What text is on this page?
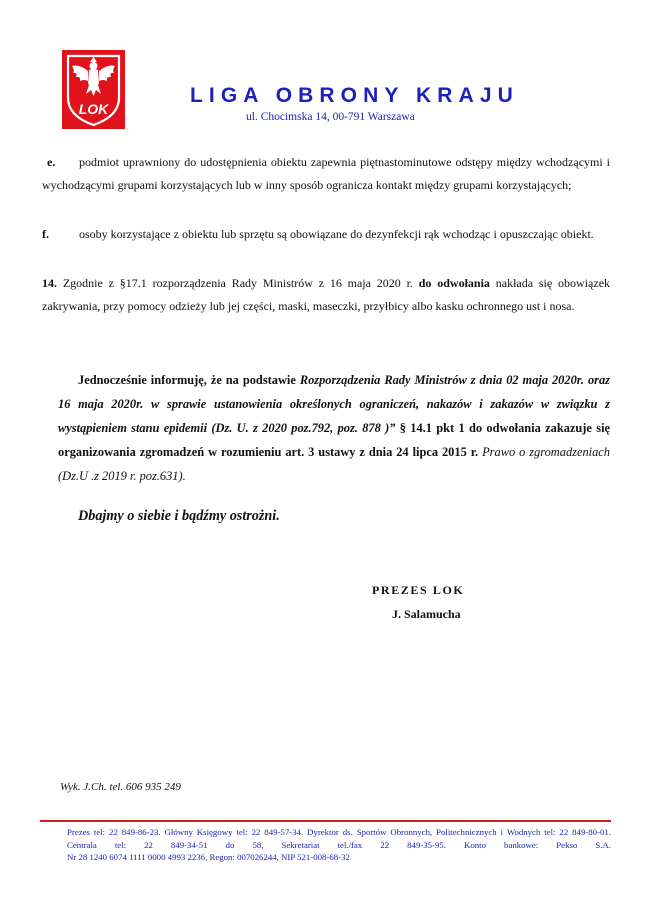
LOK
LIGA OBRONY KRAJU
ul. Chocimska 14, 00-791 Warszawa
e. podmiot uprawniony do udostępnienia obiektu zapewnia piętnastominutowe odstępy między wchodzącymi i wychodzącymi grupami korzystających lub w inny sposób ogranicza kontakt między grupami korzystających;
f.	osoby korzystające z obiektu lub sprzętu są obowiązane do dezynfekcji rąk wchodząc i opuszczając obiekt.
14. Zgodnie z §17.1 rozporządzenia Rady Ministrów z 16 maja 2020 r. do odwołania nakłada się obowiązek zakrywania, przy pomocy odzieży lub jej części, maski, maseczki, przyłbicy albo kasku ochronnego ust i nosa.
Jednocześnie informuję, że na podstawie Rozporządzenia Rady Ministrów z dnia 02 maja 2020r. oraz 16 maja 2020r. w sprawie ustanowienia określonych ograniczeń, nakazów i zakazów w związku z wystąpieniem stanu epidemii (Dz. U. z 2020 poz.792, poz. 878 )” § 14.1 pkt 1 do odwołania zakazuje się organizowania zgromadzeń w rozumieniu art. 3 ustawy z dnia 24 lipca 2015 r. Prawo o zgromadzeniach (Dz.U .z 2019 r. poz.631).
Dbajmy o siebie i bądźmy ostrożni.
PREZES LOK
J. Salamucha
Wyk. J.Ch. tel. 606 935 249
Prezes tel: 22 849-86-23. Główny Księgowy tel: 22 849-57-34. Dyrektor ds. Sportów Obronnych, Politechnicznych i Wodnych tel: 22 849-80-01. Centrala tel: 22 849-34-51 do 58, Sekretariat tel./fax 22 849-35-95. Konto bankowe: Pekso S.A.
Nr 28 1240 6074 1111 0000 4993 2236, Regon: 007026244, NIP 521-008-68-32
